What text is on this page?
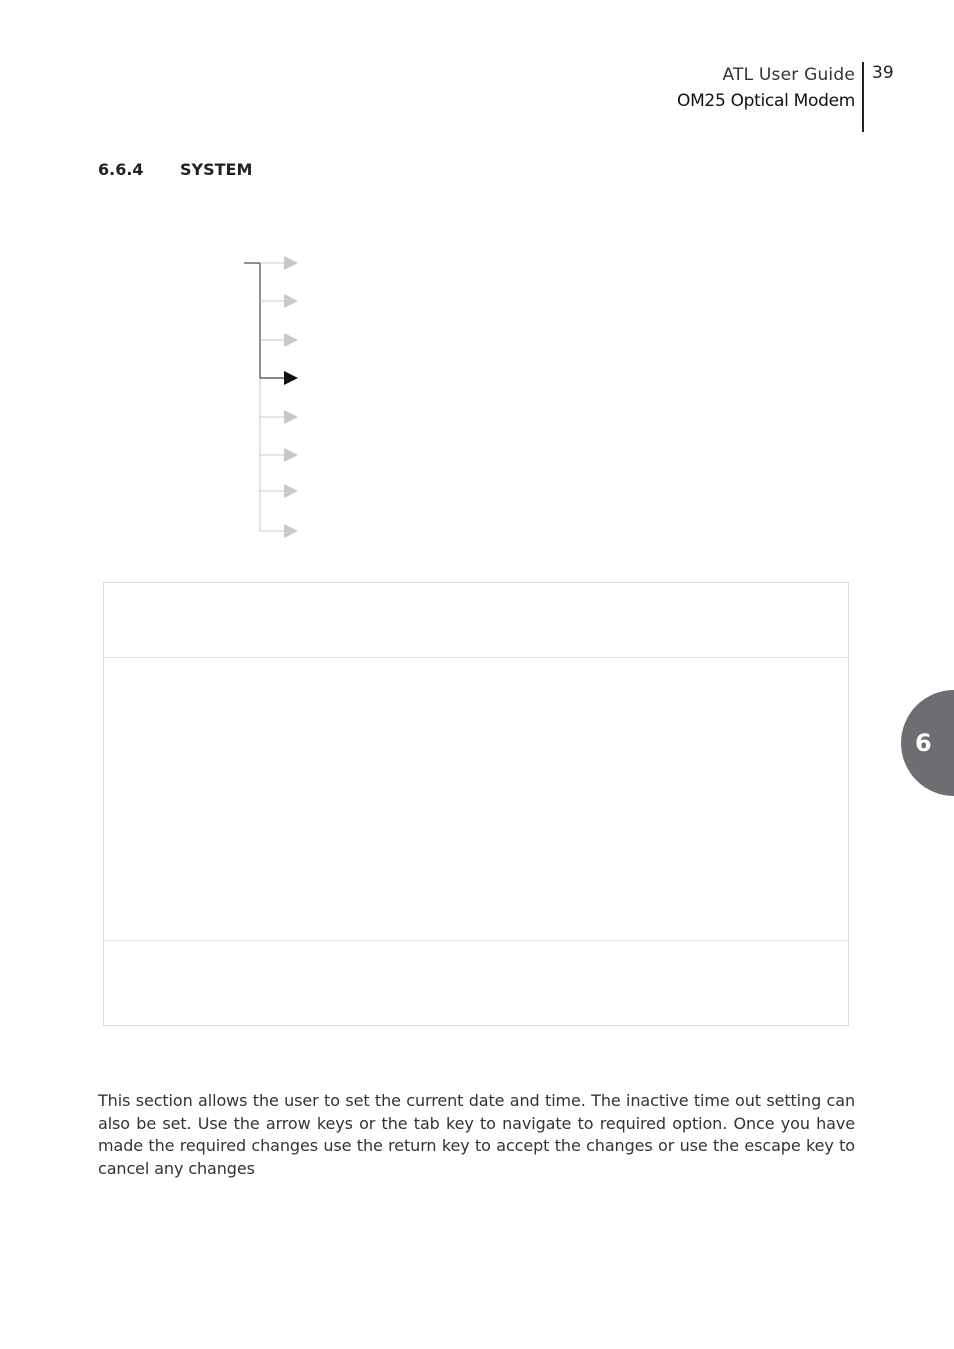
ATL User Guide
OM25 Optical Modem
39
6.6.4 SYSTEM
6
This section allows the user to set the current date and time. The inactive time out setting can also be set. Use the arrow keys or the tab key to navigate to required option. Once you have made the required changes use the return key to accept the changes or use the escape key to cancel any changes
